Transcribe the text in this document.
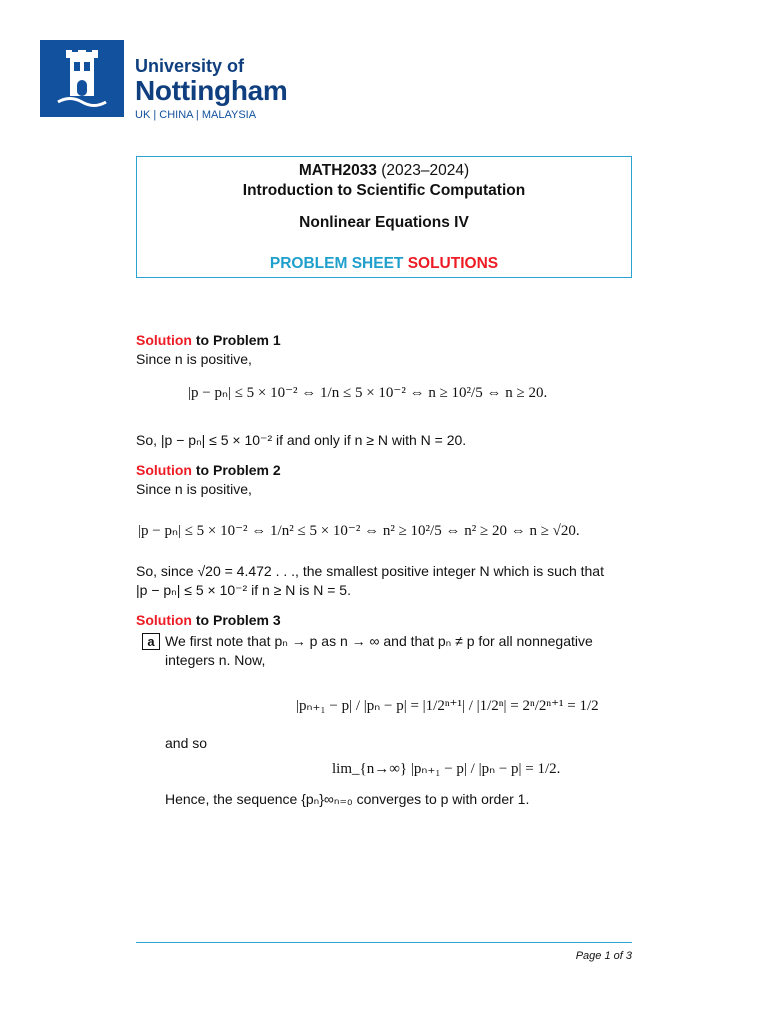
University of
Nottingham
UK | CHINA | MALAYSIA
MATH2033 (2023–2024)
Introduction to Scientific Computation
Nonlinear Equations IV
PROBLEM SHEET SOLUTIONS
Solution to Problem 1
Since n is positive,
|p − pₙ| ≤ 5 × 10⁻² ⇔ 1/n ≤ 5 × 10⁻² ⇔ n ≥ 10²/5 ⇔ n ≥ 20.
So, |p − pₙ| ≤ 5 × 10⁻² if and only if n ≥ N with N = 20.
Solution to Problem 2
Since n is positive,
|p − pₙ| ≤ 5 × 10⁻² ⇔ 1/n² ≤ 5 × 10⁻² ⇔ n² ≥ 10²/5 ⇔ n² ≥ 20 ⇔ n ≥ √20.
So, since √20 = 4.472 . . ., the smallest positive integer N which is such that
|p − pₙ| ≤ 5 × 10⁻² if n ≥ N is N = 5.
Solution to Problem 3
a We first note that pₙ → p as n → ∞ and that pₙ ≠ p for all nonnegative
integers n. Now,
|pₙ₊₁ − p| / |pₙ − p| = |1/2ⁿ⁺¹| / |1/2ⁿ| = 2ⁿ/2ⁿ⁺¹ = 1/2
and so
lim_{n→∞} |pₙ₊₁ − p| / |pₙ − p| = 1/2.
Hence, the sequence {pₙ}∞ₙ₌₀ converges to p with order 1.
Page 1 of 3
